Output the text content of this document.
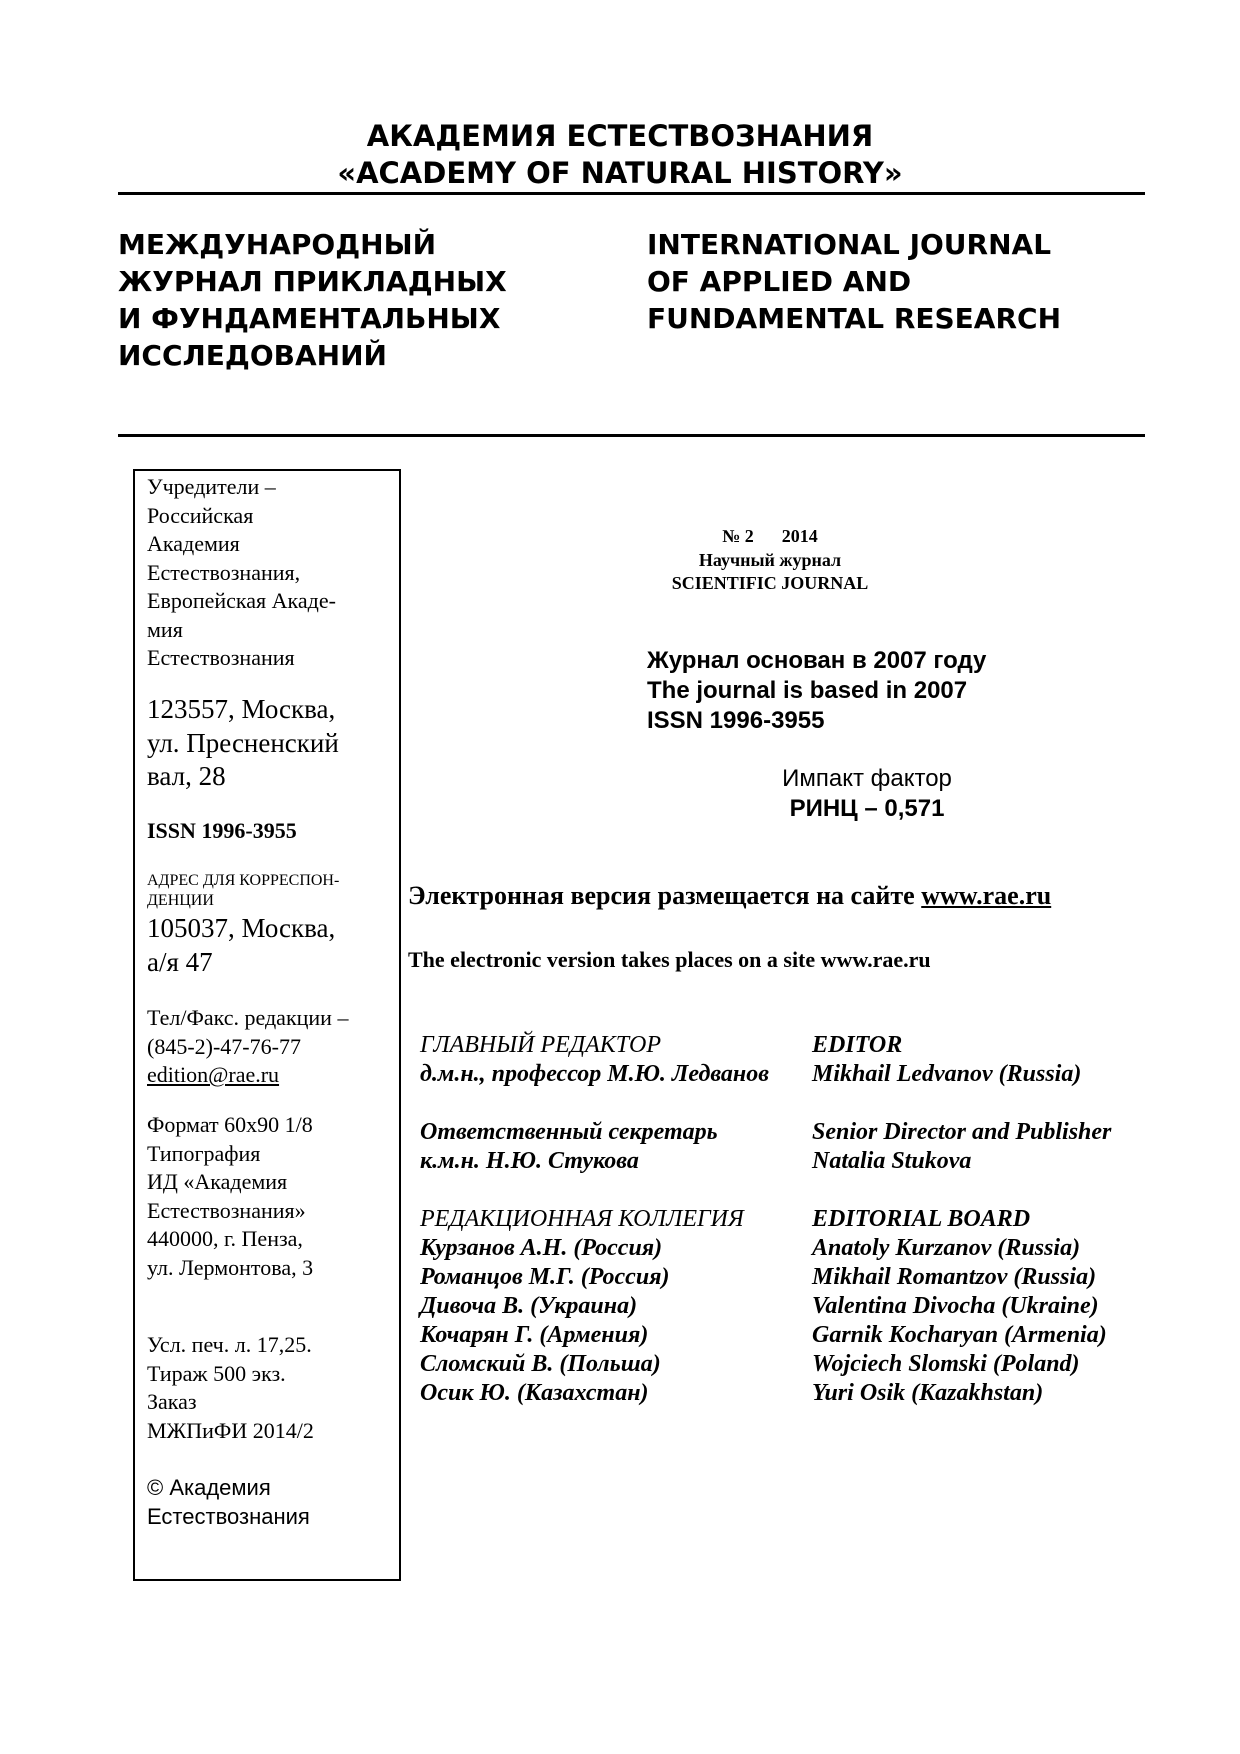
АКАДЕМИЯ ЕСТЕСТВОЗНАНИЯ
«ACADEMY OF NATURAL HISTORY»
МЕЖДУНАРОДНЫЙ
ЖУРНАЛ ПРИКЛАДНЫХ
И ФУНДАМЕНТАЛЬНЫХ
ИССЛЕДОВАНИЙ
INTERNATIONAL JOURNAL
OF APPLIED AND
FUNDAMENTAL RESEARCH
Учредители –
Российская
Академия
Естествознания,
Европейская Акаде-
мия
Естествознания
123557, Москва,
ул. Пресненский
вал, 28
ISSN 1996-3955
АДРЕС ДЛЯ КОРРЕСПОН-
ДЕНЦИИ
105037, Москва,
а/я 47
Тел/Факс. редакции –
(845-2)-47-76-77
edition@rae.ru
Формат 60х90 1/8
Типография
ИД «Академия
Естествознания»
440000, г. Пенза,
ул. Лермонтова, 3
Усл. печ. л. 17,25.
Тираж 500 экз.
Заказ
МЖПиФИ 2014/2
© Академия
Естествознания
№ 2 2014
Научный журнал
SCIENTIFIC JOURNAL
Журнал основан в 2007 году
The journal is based in 2007
ISSN 1996-3955
Импакт фактор
РИНЦ – 0,571
Электронная версия размещается на сайте www.rae.ru
The electronic version takes places on a site www.rae.ru
ГЛАВНЫЙ РЕДАКТОР
д.м.н., профессор М.Ю. Ледванов
Ответственный секретарь
к.м.н. Н.Ю. Стукова
РЕДАКЦИОННАЯ КОЛЛЕГИЯ
Курзанов А.Н. (Россия)
Романцов М.Г. (Россия)
Дивоча В. (Украина)
Кочарян Г. (Армения)
Сломский В. (Польша)
Осик Ю. (Казахстан)
EDITOR
Mikhail Ledvanov (Russia)
Senior Director and Publisher
Natalia Stukova
EDITORIAL BOARD
Anatoly Kurzanov (Russia)
Mikhail Romantzov (Russia)
Valentina Divocha (Ukraine)
Garnik Kocharyan (Armenia)
Wojciech Slomski (Poland)
Yuri Osik (Kazakhstan)
